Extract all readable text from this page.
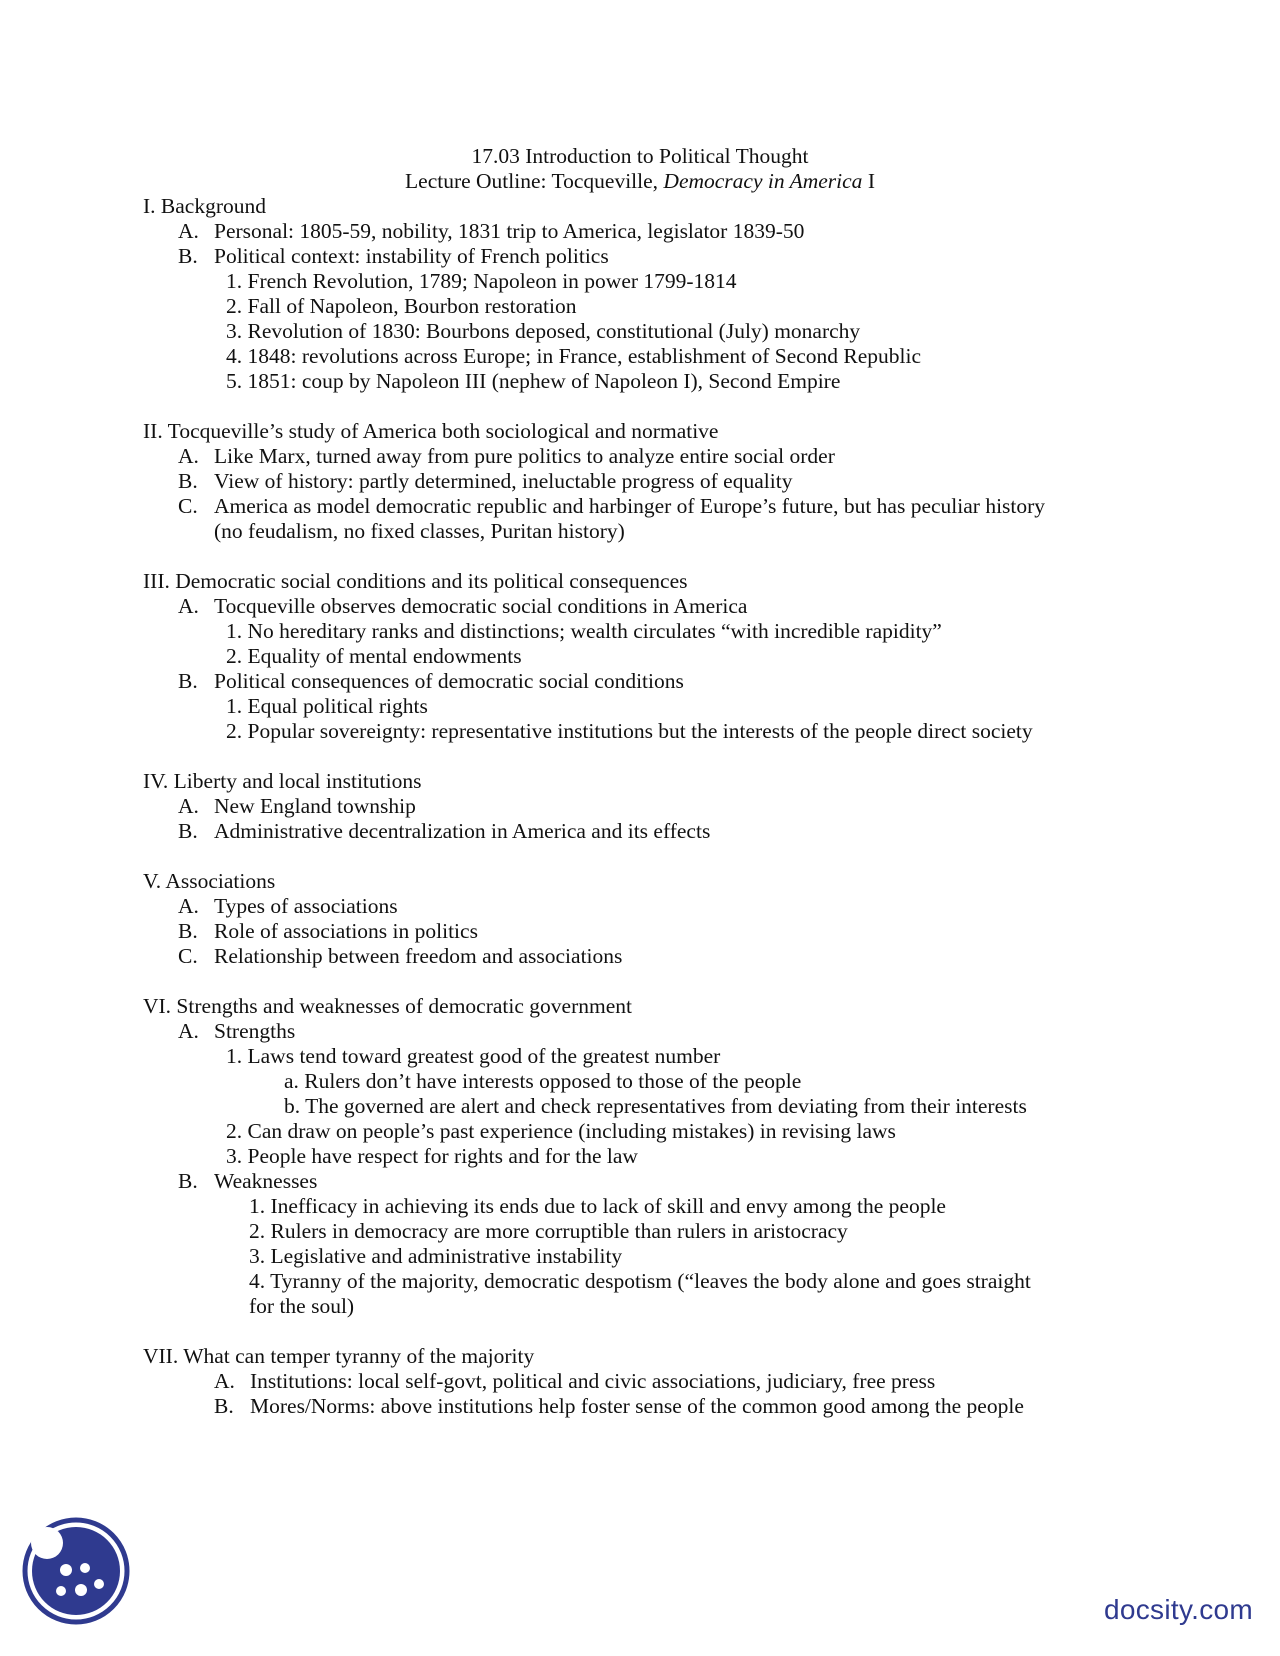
17.03 Introduction to Political Thought
Lecture Outline: Tocqueville, Democracy in America I
I. Background
A. Personal: 1805-59, nobility, 1831 trip to America, legislator 1839-50
B. Political context: instability of French politics
1. French Revolution, 1789; Napoleon in power 1799-1814
2. Fall of Napoleon, Bourbon restoration
3. Revolution of 1830: Bourbons deposed, constitutional (July) monarchy
4. 1848: revolutions across Europe; in France, establishment of Second Republic
5. 1851: coup by Napoleon III (nephew of Napoleon I), Second Empire
II. Tocqueville’s study of America both sociological and normative
A. Like Marx, turned away from pure politics to analyze entire social order
B. View of history: partly determined, ineluctable progress of equality
C. America as model democratic republic and harbinger of Europe’s future, but has peculiar history
(no feudalism, no fixed classes, Puritan history)
III. Democratic social conditions and its political consequences
A. Tocqueville observes democratic social conditions in America
1. No hereditary ranks and distinctions; wealth circulates “with incredible rapidity”
2. Equality of mental endowments
B. Political consequences of democratic social conditions
1. Equal political rights
2. Popular sovereignty: representative institutions but the interests of the people direct society
IV. Liberty and local institutions
A. New England township
B. Administrative decentralization in America and its effects
V. Associations
A. Types of associations
B. Role of associations in politics
C. Relationship between freedom and associations
VI. Strengths and weaknesses of democratic government
A. Strengths
1. Laws tend toward greatest good of the greatest number
a. Rulers don’t have interests opposed to those of the people
b. The governed are alert and check representatives from deviating from their interests
2. Can draw on people’s past experience (including mistakes) in revising laws
3. People have respect for rights and for the law
B. Weaknesses
1. Inefficacy in achieving its ends due to lack of skill and envy among the people
2. Rulers in democracy are more corruptible than rulers in aristocracy
3. Legislative and administrative instability
4. Tyranny of the majority, democratic despotism (“leaves the body alone and goes straight
for the soul)
VII. What can temper tyranny of the majority
A. Institutions: local self-govt, political and civic associations, judiciary, free press
B. Mores/Norms: above institutions help foster sense of the common good among the people
docsity.com
